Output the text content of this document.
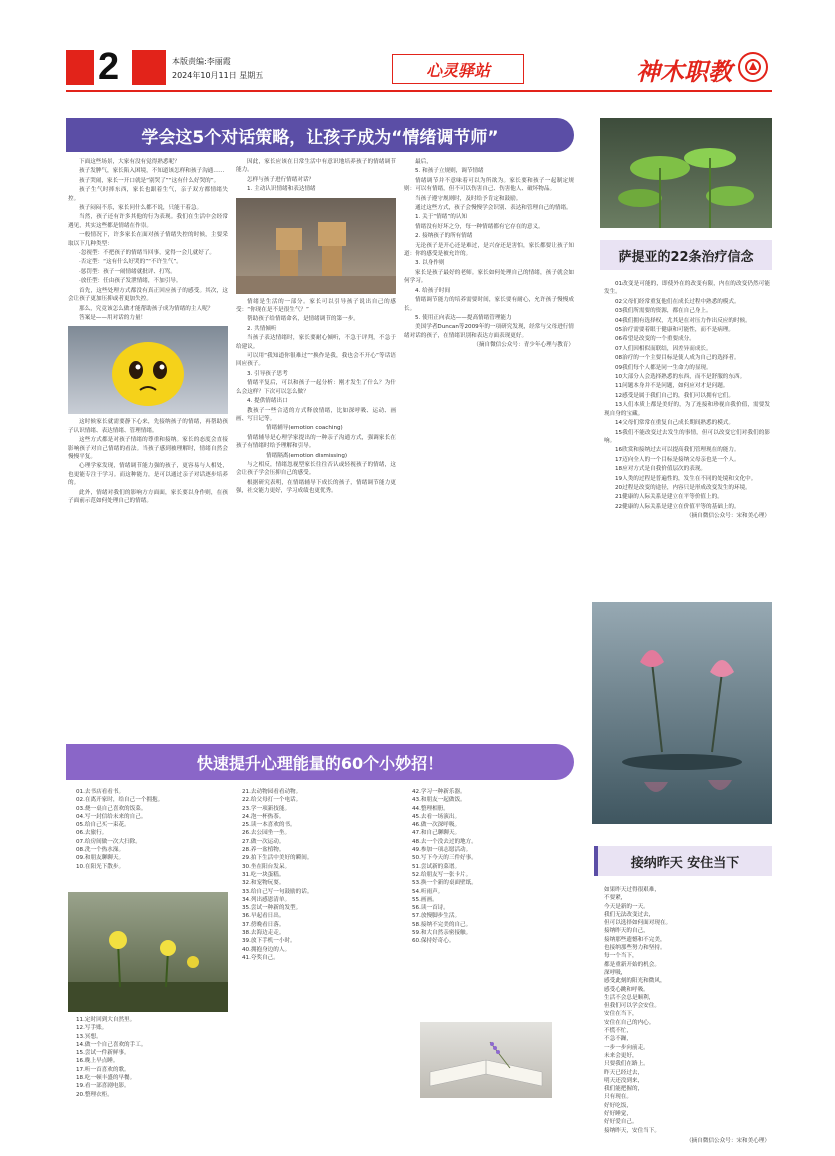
2	本版责编:李丽霞
2024年10月11日 星期五	心灵驿站	神木职教
学会这5个对话策略，让孩子成为“情绪调节师”

下面这些场景，大家有没有觉得熟悉呢？

孩子发脾气，家长陷入困境，不知道该怎样和孩子沟通……

孩子哭闹，家长一开口就是“别哭了”“这有什么好哭的”。

孩子生气时摔东西，家长也跟着生气，亲子双方都情绪失控。

孩子闷闷不乐，家长问什么都不说，只能干着急。

当然，孩子还有许多其他的行为表现。我们在生活中会经常遇见，其实这些都是情绪在作祟。

一般情况下，许多家长在面对孩子情绪失控的时候，主要采取以下几种类型：

·忽视型：不把孩子的情绪当回事，觉得一会儿就好了。

·否定型：“这有什么好哭的”“不许生气”。

·惩罚型：孩子一闹情绪就批评、打骂。

·放任型：任由孩子发泄情绪，不加引导。

首先，这些处理方式都没有真正回应孩子的感受。其次，这会让孩子更加压抑或者更加失控。

那么，究竟该怎么做才能帮助孩子成为情绪的主人呢？

答案是——用对话的力量！

这时候家长就需要静下心来，先接纳孩子的情绪，再帮助孩子认识情绪、表达情绪、管理情绪。

这些方式都是对孩子情绪的尊重和接纳。家长的态度会直接影响孩子对自己情绪的看法。当孩子感到被理解时，情绪自然会慢慢平复。

心理学家发现，情绪调节能力强的孩子，更容易与人相处，也更能专注于学习。而这种能力，是可以通过亲子对话逐步培养的。

此外，情绪对我们的影响方方面面，家长要以身作则，在孩子面前示范如何处理自己的情绪。

因此，家长应该在日常生活中有意识地培养孩子的情绪调节能力。

怎样与孩子进行情绪对话？

1. 主动认识情绪和表达情绪

情绪是生活的一部分。家长可以引导孩子说出自己的感受：“你现在是不是很生气？”

帮助孩子给情绪命名，是情绪调节的第一步。

2. 共情倾听

当孩子表达情绪时，家长要耐心倾听，不急于评判，不急于给建议。

可以用“我知道你很难过”“换作是我，我也会不开心”等话语回应孩子。

3. 引导孩子思考

情绪平复后，可以和孩子一起分析：刚才发生了什么？为什么会这样？下次可以怎么做？

4. 提供情绪出口

教孩子一些合适的方式释放情绪，比如深呼吸、运动、画画、写日记等。

情绪辅导(emotion coaching)

情绪辅导是心理学家提出的一种亲子沟通方式，强调家长在孩子有情绪时给予理解和引导。

情绪隔离(emotion dismissing)

与之相反，情绪忽视型家长往往否认或轻视孩子的情绪，这会让孩子学会压抑自己的感受。

根据研究表明，在情绪辅导下成长的孩子，情绪调节能力更强，社交能力更好，学习成绩也更优秀。

最后，

5. 和孩子立规则，调节情绪

情绪调节并不意味着可以为所欲为。家长要和孩子一起制定规则：可以有情绪，但不可以伤害自己、伤害他人、破坏物品。

当孩子遵守规则时，及时给予肯定和鼓励。

通过这些方式，孩子会慢慢学会识别、表达和管理自己的情绪。

1. 关于“情绪”的认知

情绪没有好坏之分，每一种情绪都有它存在的意义。

2. 接纳孩子的所有情绪

无论孩子是开心还是难过，是兴奋还是害怕，家长都要让孩子知道：你的感受是被允许的。

3. 以身作则

家长是孩子最好的老师。家长如何处理自己的情绪，孩子就会如何学习。

4. 给孩子时间

情绪调节能力的培养需要时间，家长要有耐心，允许孩子慢慢成长。

5. 使用正向表达——提高情绪管理能力

美国学者Duncan等2009年的一项研究发现，经常与父母进行情绪对话的孩子，在情绪识别和表达方面表现更好。

（摘自微信公众号：青少年心理与教育）

萨提亚的22条治疗信念

01改变是可能的，即使外在的改变有限，内在的改变仍然可能发生。

02父母们经常重复他们在成长过程中熟悉的模式。

03我们所需要的资源，都在自己身上。

04我们拥有选择权，尤其是在对压力作出反应的时候。

05治疗需要着眼于健康和可能性，而不是病理。

06希望是改变的一个重要成分。

07人们因相似而联结，因差异而成长。

08治疗的一个主要目标是使人成为自己的选择者。

09我们每个人都是同一生命力的显现。

10大部分人会选择熟悉的东西，而不是舒服的东西。

11问题本身并不是问题，如何应对才是问题。

12感受是属于我们自己的，我们可以拥有它们。

13人们本质上都是美好的，为了连接和珍视自我价值，需要发现自身的宝藏。

14父母们常常在重复自己成长期间熟悉的模式。

15我们不能改变过去发生的事情，但可以改变它们对我们的影响。

16欣赏和接纳过去可以提高我们管理现在的能力。

17迈向全人的一个目标是接纳父母亲也是一个人。

18应对方式是自我价值层次的表现。

19人类的过程是普遍性的，发生在不同的处境和文化中。

20过程是改变的途径，内容只是形成改变发生的环境。

21健康的人际关系是建立在平等价值上的。

22健康的人际关系是建立在价值平等的基础上的。

（摘自微信公众号：宋和美心理）

快速提升心理能量的60个小妙招！
01.去书店看看书。
02.在离开家时，给自己一个拥抱。
03.烧一桌自己喜欢的饭菜。
04.写一封信给未来的自己。
05.给自己买一束花。
06.去旅行。
07.给房间做一次大扫除。
08.洗一个热水澡。
09.和朋友聊聊天。
10.在阳光下散步。
11.定时回到大自然里。
12.写手账。
13.冥想。
14.做一个自己喜欢的手工。
15.尝试一件新鲜事。
16.晚上早点睡。
17.听一首喜欢的歌。
18.吃一顿丰盛的早餐。
19.看一部喜剧电影。
20.整理衣柜。
21.去动物园看看动物。
22.给父母打一个电话。
23.学一项新技能。
24.泡一杯热茶。
25.读一本喜欢的书。
26.去公园坐一坐。
27.做一次运动。
28.养一盆植物。
29.拍下生活中美好的瞬间。
30.坐在阳台发呆。
31.吃一块蛋糕。
32.和宠物玩耍。
33.给自己写一句鼓励的话。
34.列出感恩清单。
35.尝试一种新的发型。
36.早起看日出。
37.傍晚看日落。
38.去海边走走。
39.放下手机一小时。
40.拥抱身边的人。
41.夸奖自己。
42.学习一种新乐器。
43.和朋友一起做饭。
44.整理相册。
45.去看一场演出。
46.做一次深呼吸。
47.和自己聊聊天。
48.去一个没去过的地方。
49.参加一项志愿活动。
50.写下今天的三件好事。
51.尝试新的菜谱。
52.给朋友写一张卡片。
53.换一个新的桌面壁纸。
54.听雨声。
55.画画。
56.读一首诗。
57.放慢脚步生活。
58.接纳不完美的自己。
59.和大自然亲密接触。
60.保持好奇心。
接纳昨天 安住当下
如果昨天过得很艰难，
不要紧，
今天是新的一天。
我们无法改变过去，
但可以选择如何面对现在。
接纳昨天的自己，
接纳那些遗憾和不完美，
也接纳那些努力和坚持。
每一个当下，
都是重新开始的机会。
深呼吸，
感受此刻的阳光和微风，
感受心跳和呼吸。
生活不会总是顺利，
但我们可以学会安住。
安住在当下，
安住在自己的内心。
不慌不忙，
不急不躁，
一步一步向前走。
未来会更好，
只要我们在路上。
昨天已经过去，
明天还没到来，
我们能把握的，
只有现在。
好好吃饭，
好好睡觉，
好好爱自己。
接纳昨天，安住当下。
（摘自微信公众号：宋和美心理）
